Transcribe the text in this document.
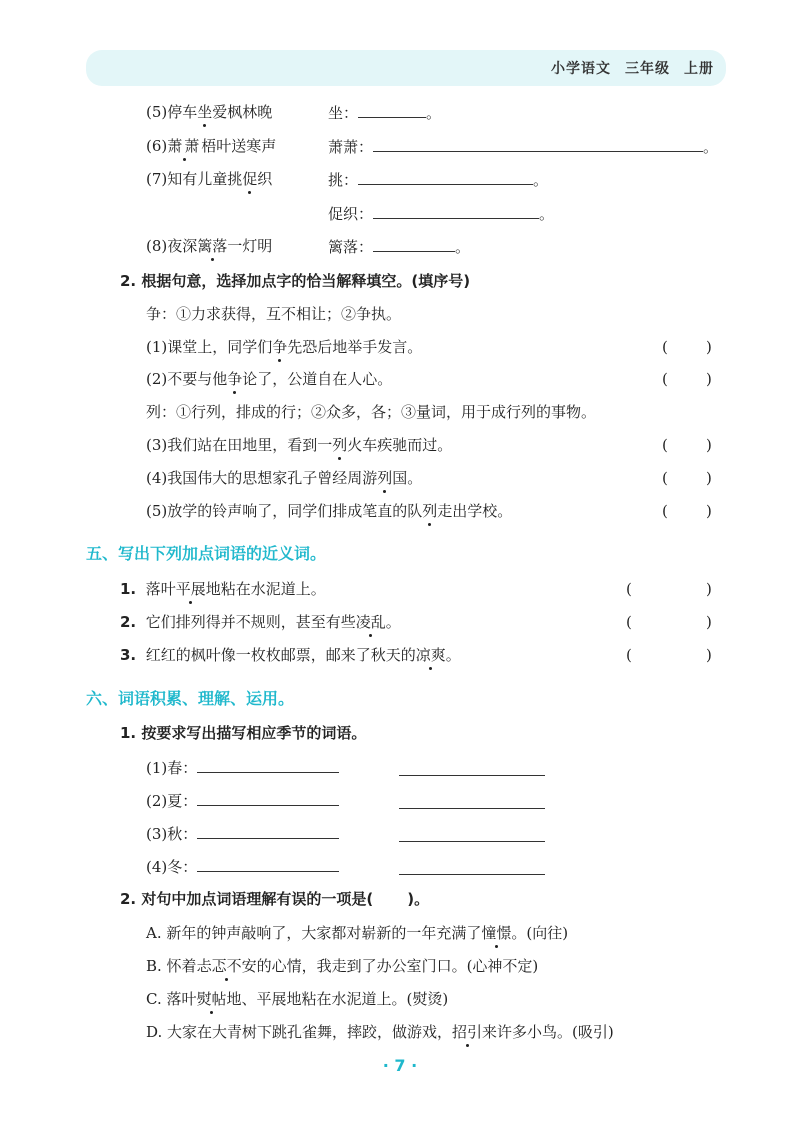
小学语文 三年级 上册
(5)停车坐爱枫林晚	坐：	。
(6)萧萧梧叶送寒声	萧萧：	。
(7)知有儿童挑促织	挑：	。
促织：	。
(8)夜深篱落一灯明	篱落：	。
2. 根据句意，选择加点字的恰当解释填空。(填序号)
争：①力求获得，互不相让；②争执。
(1)课堂上，同学们争先恐后地举手发言。	(	)
(2)不要与他争论了，公道自在人心。	(	)
列：①行列，排成的行；②众多，各；③量词，用于成行列的事物。
(3)我们站在田地里，看到一列火车疾驰而过。	(	)
(4)我国伟大的思想家孔子曾经周游列国。	(	)
(5)放学的铃声响了，同学们排成笔直的队列走出学校。	(	)
五、写出下列加点词语的近义词。
1. 落叶平展地粘在水泥道上。	(	)
2. 它们排列得并不规则，甚至有些凌乱。	(	)
3. 红红的枫叶像一枚枚邮票，邮来了秋天的凉爽。	(	)
六、词语积累、理解、运用。
1. 按要求写出描写相应季节的词语。
(1)春：
(2)夏：
(3)秋：
(4)冬：
2. 对句中加点词语理解有误的一项是( )。
A. 新年的钟声敲响了，大家都对崭新的一年充满了憧憬。(向往)
B. 怀着忐忑不安的心情，我走到了办公室门口。(心神不定)
C. 落叶熨帖地、平展地粘在水泥道上。(熨烫)
D. 大家在大青树下跳孔雀舞，摔跤，做游戏，招引来许多小鸟。(吸引)
· 7 ·
